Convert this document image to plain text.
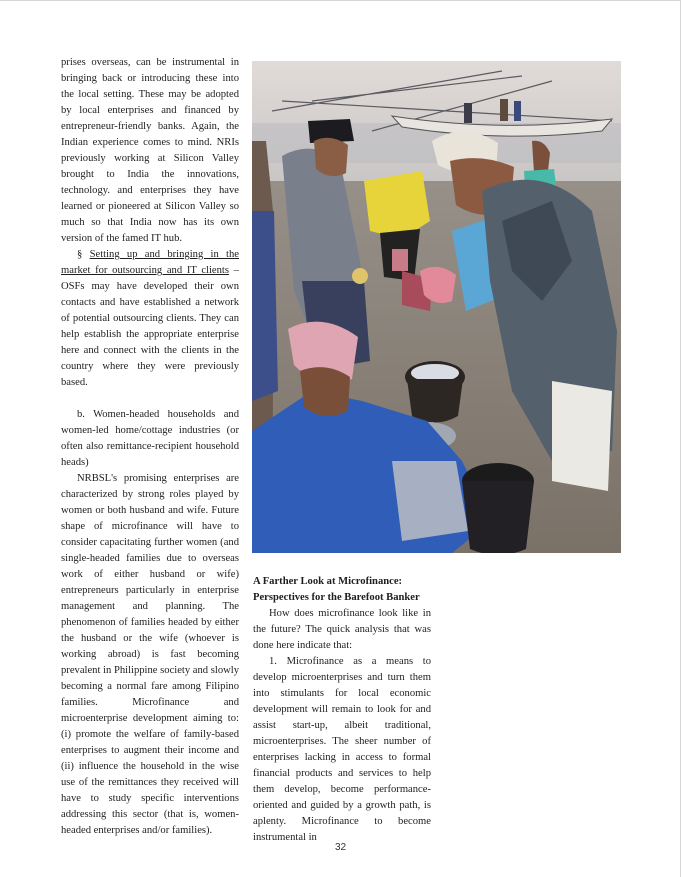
prises overseas, can be instrumental in bringing back or introducing these into the local setting. These may be adopted by local enterprises and financed by entrepreneur-friendly banks. Again, the Indian experience comes to mind. NRIs previously working at Silicon Valley brought to India the innovations, technology. and enterprises they have learned or pioneered at Silicon Valley so much so that India now has its own version of the famed IT hub.

§ Setting up and bringing in the market for outsourcing and IT clients – OSFs may have developed their own contacts and have established a network of potential outsourcing clients. They can help establish the appropriate enterprise here and connect with the clients in the country where they were previously based.

b. Women-headed households and women-led home/cottage industries (or often also remittance-recipient household heads)

NRBSL's promising enterprises are characterized by strong roles played by women or both husband and wife. Future shape of microfinance will have to consider capacitating further women (and single-headed families due to overseas work of either husband or wife) entrepreneurs particularly in enterprise management and planning. The phenomenon of families headed by either the husband or the wife (whoever is working abroad) is fast becoming prevalent in Philippine society and slowly becoming a normal fare among Filipino families. Microfinance and microenterprise development aiming to: (i) promote the welfare of family-based enterprises to augment their income and (ii) influence the household in the wise use of the remittances they received will have to study specific interventions addressing this sector (that is, women-headed enterprises and/or families).

A Farther Look at Microfinance: Perspectives for the Barefoot Banker

How does microfinance look like in the future? The quick analysis that was done here indicate that:

1. Microfinance as a means to develop microenterprises and turn them into stimulants for local economic development will remain to look for and assist start-up, albeit traditional, microenterprises. The sheer number of enterprises lacking in access to formal financial products and services to help them develop, become performance-oriented and guided by a growth path, is aplenty. Microfinance to become instrumental in

32
